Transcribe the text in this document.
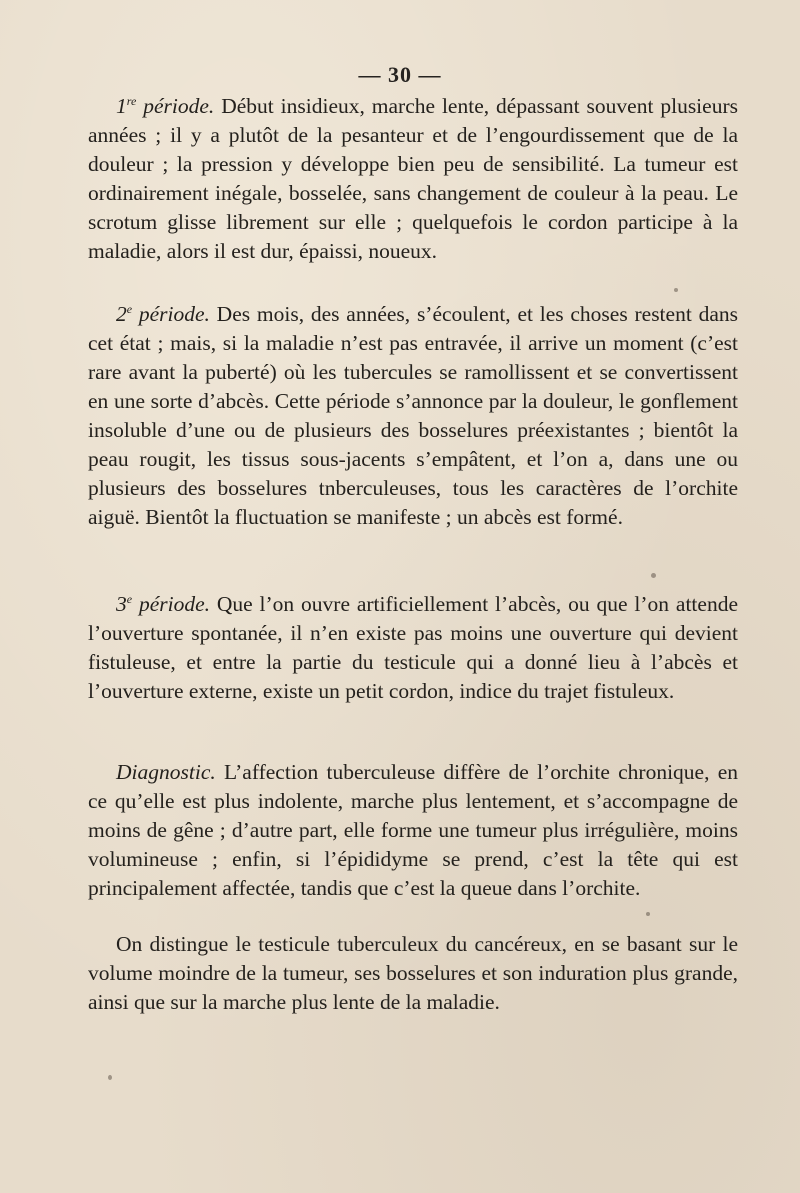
— 30 —

1re période. Début insidieux, marche lente, dépassant souvent plusieurs années ; il y a plutôt de la pesanteur et de l’engourdissement que de la douleur ; la pression y développe bien peu de sensibilité. La tumeur est ordinairement inégale, bosselée, sans changement de couleur à la peau. Le scrotum glisse librement sur elle ; quelquefois le cordon participe à la maladie, alors il est dur, épaissi, noueux.

2e période. Des mois, des années, s’écoulent, et les choses restent dans cet état ; mais, si la maladie n’est pas entravée, il arrive un moment (c’est rare avant la puberté) où les tubercules se ramollissent et se convertissent en une sorte d’abcès. Cette période s’annonce par la douleur, le gonflement insoluble d’une ou de plusieurs des bosselures préexistantes ; bientôt la peau rougit, les tissus sous-jacents s’empâtent, et l’on a, dans une ou plusieurs des bosselures tnberculeuses, tous les caractères de l’orchite aiguë. Bientôt la fluctuation se manifeste ; un abcès est formé.

3e période. Que l’on ouvre artificiellement l’abcès, ou que l’on attende l’ouverture spontanée, il n’en existe pas moins une ouverture qui devient fistuleuse, et entre la partie du testicule qui a donné lieu à l’abcès et l’ouverture externe, existe un petit cordon, indice du trajet fistuleux.

Diagnostic. L’affection tuberculeuse diffère de l’orchite chronique, en ce qu’elle est plus indolente, marche plus lentement, et s’accompagne de moins de gêne ; d’autre part, elle forme une tumeur plus irrégulière, moins volumineuse ; enfin, si l’épididyme se prend, c’est la tête qui est principalement affectée, tandis que c’est la queue dans l’orchite.

On distingue le testicule tuberculeux du cancéreux, en se basant sur le volume moindre de la tumeur, ses bosselures et son induration plus grande, ainsi que sur la marche plus lente de la maladie.
